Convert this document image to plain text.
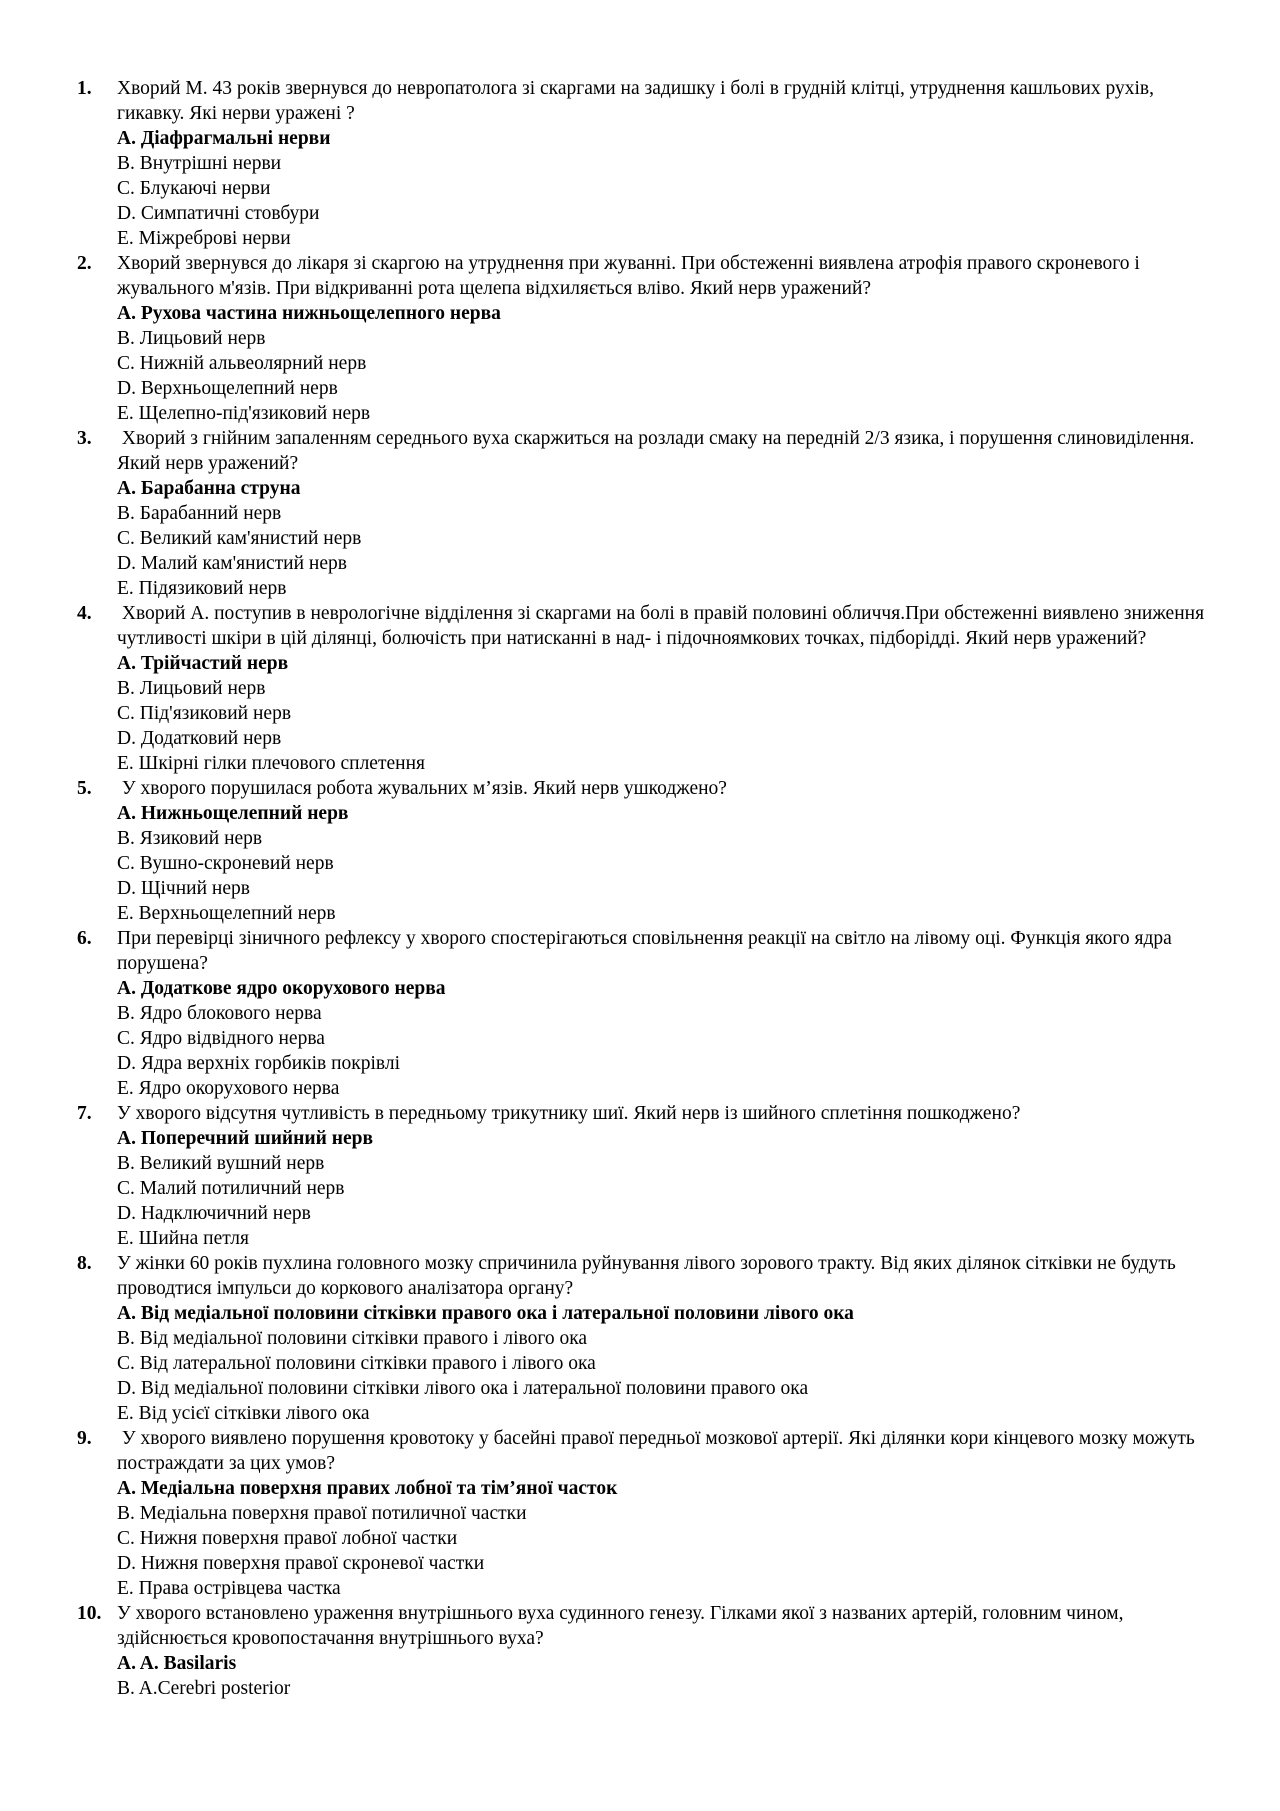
1. Хворий М. 43 років звернувся до невропатолога зі скаргами на задишку і болі в грудній клітці, утруднення кашльових рухів, гикавку. Які нерви уражені ?
A. Діафрагмальні нерви
B. Внутрішні нерви
C. Блукаючі нерви
D. Симпатичні стовбури
E. Міжреброві нерви
2. Хворий звернувся до лікаря зі скаргою на утруднення при жуванні. При обстеженні виявлена атрофія правого скроневого і жувального м'язів. При відкриванні рота щелепа відхиляється вліво. Який нерв уражений?
A. Рухова частина нижньощелепного нерва
B. Лицьовий нерв
C. Нижній альвеолярний нерв
D. Верхньощелепний нерв
E. Щелепно-під'язиковий нерв
3. Хворий з гнійним запаленням середнього вуха скаржиться на розлади смаку на передній 2/3 язика, і порушення слиновиділення. Який нерв уражений?
A. Барабанна струна
B. Барабанний нерв
C. Великий кам'янистий нерв
D. Малий кам'янистий нерв
E. Підязиковий нерв
4. Хворий А. поступив в неврологічне відділення зі скаргами на болі в правій половині обличчя.При обстеженні виявлено зниження чутливості шкіри в цій ділянці, болючість при натисканні в над- і підочноямкових точках, підборідді. Який нерв уражений?
A. Трійчастий нерв
B. Лицьовий нерв
C. Під'язиковий нерв
D. Додатковий нерв
E. Шкірні гілки плечового сплетення
5. У хворого порушилася робота жувальних м’язів. Який нерв ушкоджено?
A. Нижньощелепний нерв
B. Язиковий нерв
C. Вушно-скроневий нерв
D. Щічний нерв
E. Верхньощелепний нерв
6. При перевірці зіничного рефлексу у хворого спостерігаються сповільнення реакції на світло на лівому оці. Функція якого ядра порушена?
A. Додаткове ядро окорухового нерва
B. Ядро блокового нерва
C. Ядро відвідного нерва
D. Ядра верхніх горбиків покрівлі
E. Ядро окорухового нерва
7. У хворого відсутня чутливість в передньому трикутнику шиї. Який нерв із шийного сплетіння пошкоджено?
A. Поперечний шийний нерв
B. Великий вушний нерв
C. Малий потиличний нерв
D. Надключичний нерв
E. Шийна петля
8. У жінки 60 років пухлина головного мозку спричинила руйнування лівого зорового тракту. Від яких ділянок сітківки не будуть проводтися імпульси до коркового аналізатора органу?
A. Від медіальної половини сітківки правого ока і латеральної половини лівого ока
B. Від медіальної половини сітківки правого і лівого ока
C. Від латеральної половини сітківки правого і лівого ока
D. Від медіальної половини сітківки лівого ока і латеральної половини правого ока
E. Від усієї сітківки лівого ока
9. У хворого виявлено порушення кровотоку у басейні правої передньої мозкової артерії. Які ділянки кори кінцевого мозку можуть постраждати за цих умов?
A. Медіальна поверхня правих лобної та тім’яної часток
B. Медіальна поверхня правої потиличної частки
C. Нижня поверхня правої лобної частки
D. Нижня поверхня правої скроневої частки
E. Права острівцева частка
10. У хворого встановлено ураження внутрішнього вуха судинного генезу. Гілками якої з названих артерій, головним чином, здійснюється кровопостачання внутрішнього вуха?
A. A. Basilaris
B. A.Cerebri posterior
